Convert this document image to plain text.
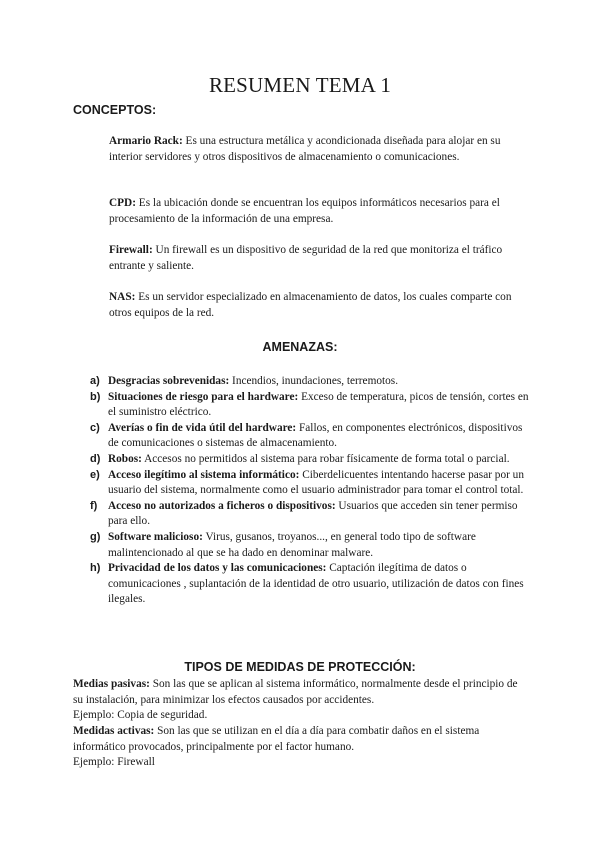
RESUMEN TEMA 1

CONCEPTOS:

Armario Rack: Es una estructura metálica y acondicionada diseñada para alojar en su interior servidores y otros dispositivos de almacenamiento o comunicaciones.

CPD: Es la ubicación donde se encuentran los equipos informáticos necesarios para el procesamiento de la información de una empresa.

Firewall: Un firewall es un dispositivo de seguridad de la red que monitoriza el tráfico entrante y saliente.

NAS: Es un servidor especializado en almacenamiento de datos, los cuales comparte con otros equipos de la red.

AMENAZAS:

a) Desgracias sobrevenidas: Incendios, inundaciones, terremotos.
b) Situaciones de riesgo para el hardware: Exceso de temperatura, picos de tensión, cortes en el suministro eléctrico.
c) Averías o fin de vida útil del hardware: Fallos, en componentes electrónicos, dispositivos de comunicaciones o sistemas de almacenamiento.
d) Robos: Accesos no permitidos al sistema para robar físicamente de forma total o parcial.
e) Acceso ilegítimo al sistema informático: Ciberdelicuentes intentando hacerse pasar por un usuario del sistema, normalmente como el usuario administrador para tomar el control total.
f) Acceso no autorizados a ficheros o dispositivos: Usuarios que acceden sin tener permiso para ello.
g) Software malicioso: Virus, gusanos, troyanos..., en general todo tipo de software malintencionado al que se ha dado en denominar malware.
h) Privacidad de los datos y las comunicaciones: Captación ilegítima de datos o comunicaciones , suplantación de la identidad de otro usuario, utilización de datos con fines ilegales.

TIPOS DE MEDIDAS DE PROTECCIÓN:

Medias pasivas: Son las que se aplican al sistema informático, normalmente desde el principio de su instalación, para minimizar los efectos causados por accidentes.
Ejemplo: Copia de seguridad.

Medidas activas: Son las que se utilizan en el día a día para combatir daños en el sistema informático provocados, principalmente por el factor humano.
Ejemplo: Firewall
